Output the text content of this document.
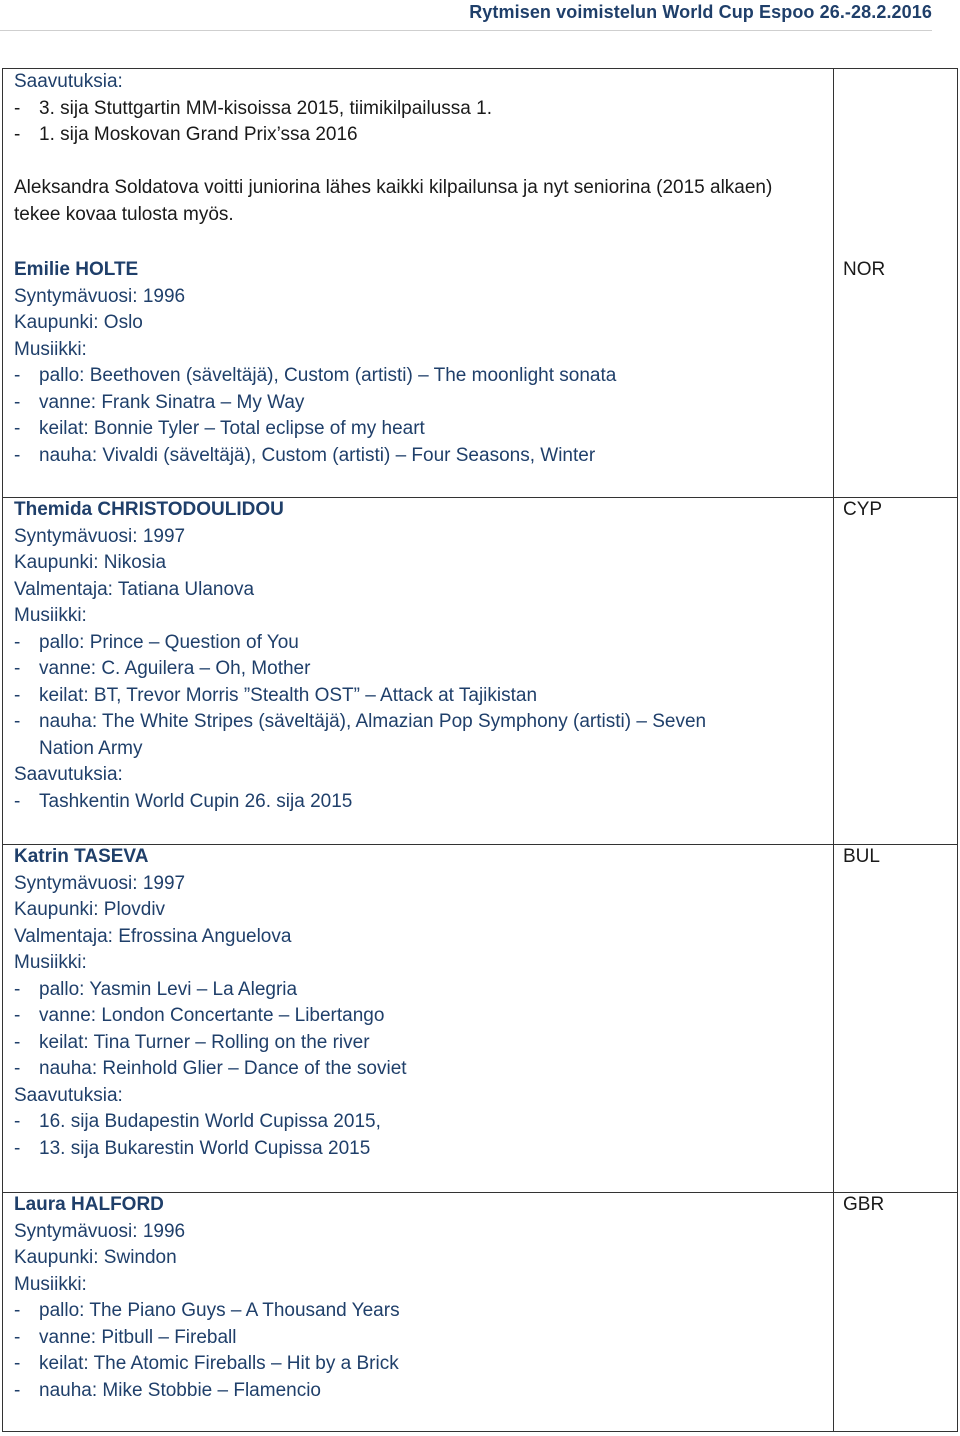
Rytmisen voimistelun World Cup Espoo 26.-28.2.2016
Saavutuksia:
- 3. sija Stuttgartin MM-kisoissa 2015, tiimikilpailussa 1.
- 1. sija Moskovan Grand Prix’ssa 2016
Aleksandra Soldatova voitti juniorina lähes kaikki kilpailunsa ja nyt seniorina (2015 alkaen)
tekee kovaa tulosta myös.
Emilie HOLTE
Syntymävuosi: 1996
Kaupunki: Oslo
Musiikki:
- pallo: Beethoven (säveltäjä), Custom (artisti) – The moonlight sonata
- vanne: Frank Sinatra – My Way
- keilat: Bonnie Tyler – Total eclipse of my heart
- nauha: Vivaldi (säveltäjä), Custom (artisti) – Four Seasons, Winter
NOR
Themida CHRISTODOULIDOU
Syntymävuosi: 1997
Kaupunki: Nikosia
Valmentaja: Tatiana Ulanova
Musiikki:
- pallo: Prince – Question of You
- vanne: C. Aguilera – Oh, Mother
- keilat: BT, Trevor Morris ”Stealth OST” – Attack at Tajikistan
- nauha: The White Stripes (säveltäjä), Almazian Pop Symphony (artisti) – Seven
Nation Army
Saavutuksia:
- Tashkentin World Cupin 26. sija 2015
CYP
Katrin TASEVA
Syntymävuosi: 1997
Kaupunki: Plovdiv
Valmentaja: Efrossina Anguelova
Musiikki:
- pallo: Yasmin Levi – La Alegria
- vanne: London Concertante – Libertango
- keilat: Tina Turner – Rolling on the river
- nauha: Reinhold Glier – Dance of the soviet
Saavutuksia:
- 16. sija Budapestin World Cupissa 2015,
- 13. sija Bukarestin World Cupissa 2015
BUL
Laura HALFORD
Syntymävuosi: 1996
Kaupunki: Swindon
Musiikki:
- pallo: The Piano Guys – A Thousand Years
- vanne: Pitbull – Fireball
- keilat: The Atomic Fireballs – Hit by a Brick
- nauha: Mike Stobbie – Flamencio
GBR
